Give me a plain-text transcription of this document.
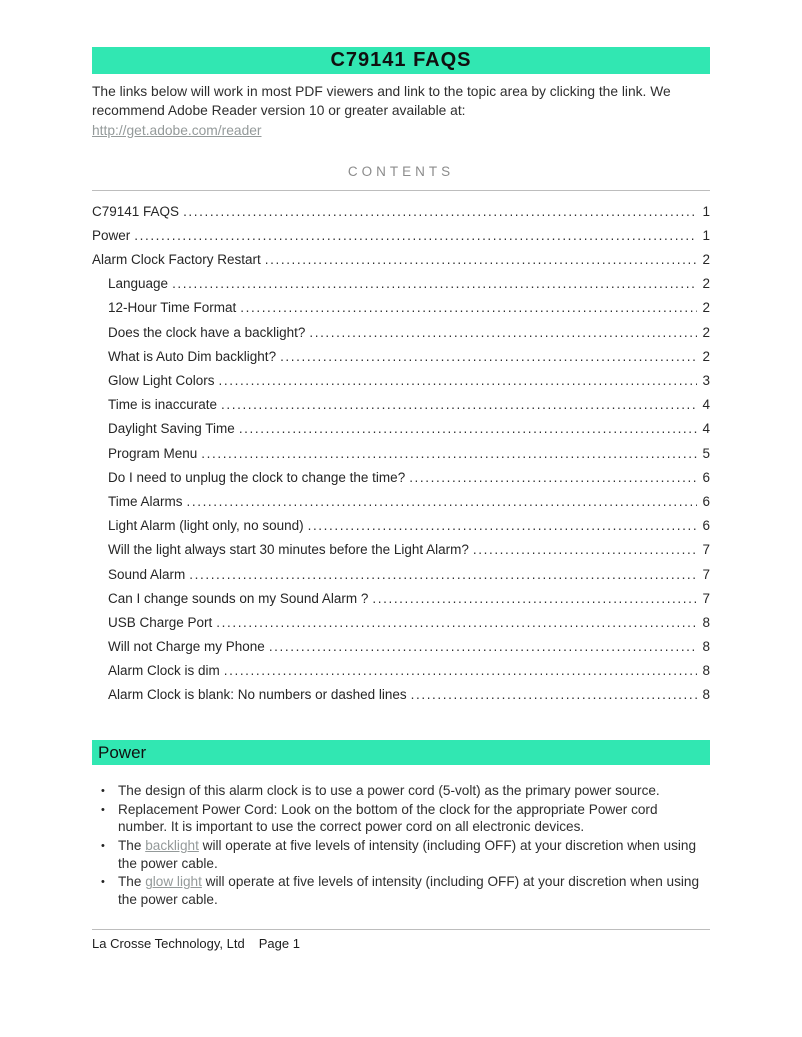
C79141 FAQS

The links below will work in most PDF viewers and link to the topic area by clicking the link. We recommend Adobe Reader version 10 or greater available at:
http://get.adobe.com/reader

CONTENTS
C79141 FAQS .....	1
Power .....	1
Alarm Clock Factory Restart .....	2
Language .....	2
12-Hour Time Format .....	2
Does the clock have a backlight? .....	2
What is Auto Dim backlight? .....	2
Glow Light Colors .....	3
Time is inaccurate .....	4
Daylight Saving Time .....	4
Program Menu .....	5
Do I need to unplug the clock to change the time? .....	6
Time Alarms .....	6
Light Alarm (light only, no sound) .....	6
Will the light always start 30 minutes before the Light Alarm? .....	7
Sound Alarm .....	7
Can I change sounds on my Sound Alarm ? .....	7
USB Charge Port .....	8
Will not Charge my Phone .....	8
Alarm Clock is dim .....	8
Alarm Clock is blank: No numbers or dashed lines .....	8
Power
• The design of this alarm clock is to use a power cord (5-volt) as the primary power source.
• Replacement Power Cord: Look on the bottom of the clock for the appropriate Power cord number. It is important to use the correct power cord on all electronic devices.
• The backlight will operate at five levels of intensity (including OFF) at your discretion when using the power cable.
• The glow light will operate at five levels of intensity (including OFF) at your discretion when using the power cable.
La Crosse Technology, Ltd Page 1
